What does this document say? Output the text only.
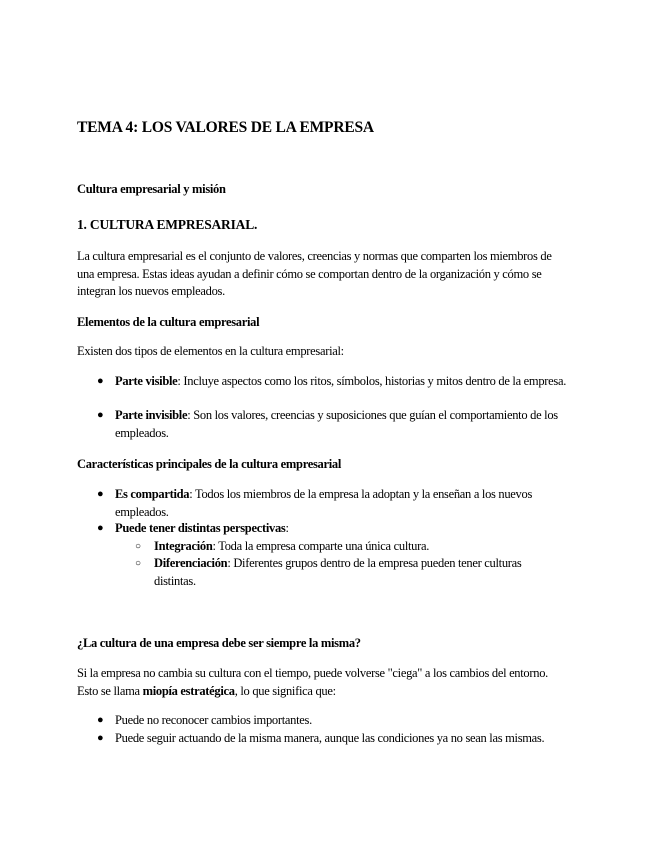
TEMA 4: LOS VALORES DE LA EMPRESA
Cultura empresarial y misión
1. CULTURA EMPRESARIAL.

La cultura empresarial es el conjunto de valores, creencias y normas que comparten los miembros de una empresa. Estas ideas ayudan a definir cómo se comportan dentro de la organización y cómo se integran los nuevos empleados.

Elementos de la cultura empresarial

Existen dos tipos de elementos en la cultura empresarial:

● Parte visible: Incluye aspectos como los ritos, símbolos, historias y mitos dentro de la empresa.
● Parte invisible: Son los valores, creencias y suposiciones que guían el comportamiento de los empleados.
Características principales de la cultura empresarial
● Es compartida: Todos los miembros de la empresa la adoptan y la enseñan a los nuevos empleados.
● Puede tener distintas perspectivas:
○ Integración: Toda la empresa comparte una única cultura.
○ Diferenciación: Diferentes grupos dentro de la empresa pueden tener culturas distintas.
¿La cultura de una empresa debe ser siempre la misma?

Si la empresa no cambia su cultura con el tiempo, puede volverse "ciega" a los cambios del entorno. Esto se llama miopía estratégica, lo que significa que:

● Puede no reconocer cambios importantes.
● Puede seguir actuando de la misma manera, aunque las condiciones ya no sean las mismas.
